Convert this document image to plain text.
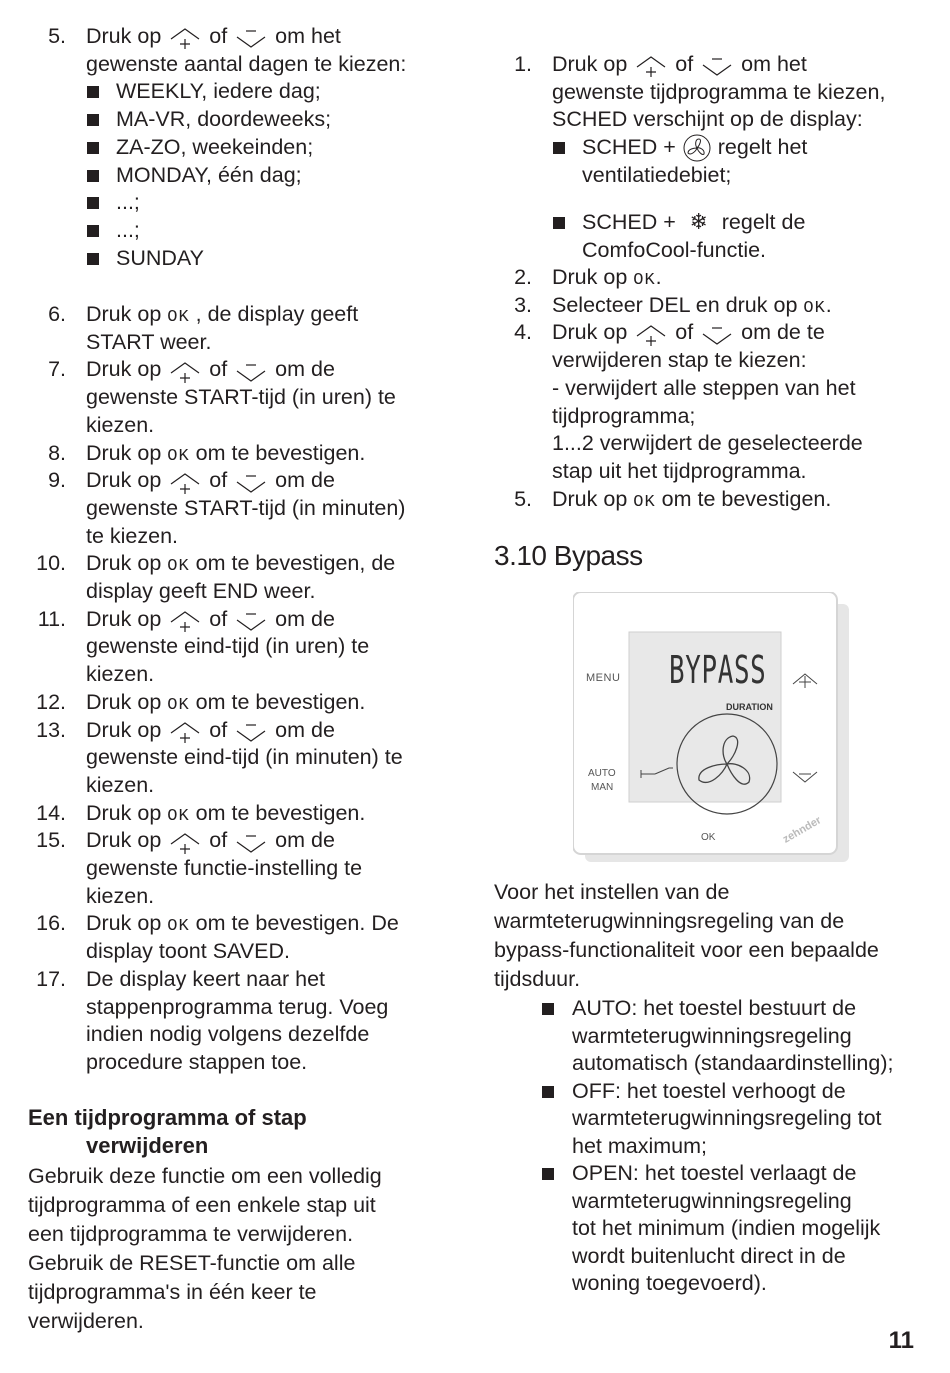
MENU BYPASS
DURATION
AUTO
MAN
OK	zehnder
11
5. Druk op
of
om het
gewenste aantal dagen te kiezen:
WEEKLY, iedere dag;
MA-VR, doordeweeks;
ZA-ZO, weekeinden;
MONDAY, één dag;
...;
...;
SUNDAY
6. Druk op OK , de display geeft
START weer.
7. Druk op
of
om de
gewenste START-tijd (in uren) te
kiezen.
8. Druk op OK om te bevestigen.
9. Druk op
of
om de
gewenste START-tijd (in minuten)
te kiezen.
10. Druk op OK om te bevestigen, de
display geeft END weer.
11. Druk op
of
om de
gewenste eind-tijd (in uren) te
kiezen.
12. Druk op OK om te bevestigen.
13. Druk op
of
om de
gewenste eind-tijd (in minuten) te
kiezen.
14. Druk op OK om te bevestigen.
15. Druk op
of
om de
gewenste functie-instelling te
kiezen.
16. Druk op OK om te bevestigen. De
display toont SAVED.
17. De display keert naar het
stappenprogramma terug. Voeg
indien nodig volgens dezelfde
procedure stappen toe.
Een tijdprogramma of stap
verwijderen
Gebruik deze functie om een volledig
tijdprogramma of een enkele stap uit
een tijdprogramma te verwijderen.
Gebruik de RESET-functie om alle
tijdprogramma's in één keer te
verwijderen.
1. Druk op
of
om het
gewenste tijdprogramma te kiezen,
SCHED verschijnt op de display:
SCHED +  regelt het
ventilatiedebiet;
SCHED + ❄ regelt de
ComfoCool-functie.
2. Druk op OK.
3. Selecteer DEL en druk op OK.
4. Druk op
of
om de te
verwijderen stap te kiezen:
- verwijdert alle steppen van het
tijdprogramma;
1...2 verwijdert de geselecteerde
stap uit het tijdprogramma.
5. Druk op OK om te bevestigen.
3.10 Bypass
Voor het instellen van de
warmteterugwinningsregeling van de
bypass-functionaliteit voor een bepaalde
tijdsduur.
AUTO: het toestel bestuurt de
warmteterugwinningsregeling
automatisch (standaardinstelling);
OFF: het toestel verhoogt de
warmteterugwinningsregeling tot
het maximum;
OPEN: het toestel verlaagt de
warmteterugwinningsregeling
tot het minimum (indien mogelijk
wordt buitenlucht direct in de
woning toegevoerd).
